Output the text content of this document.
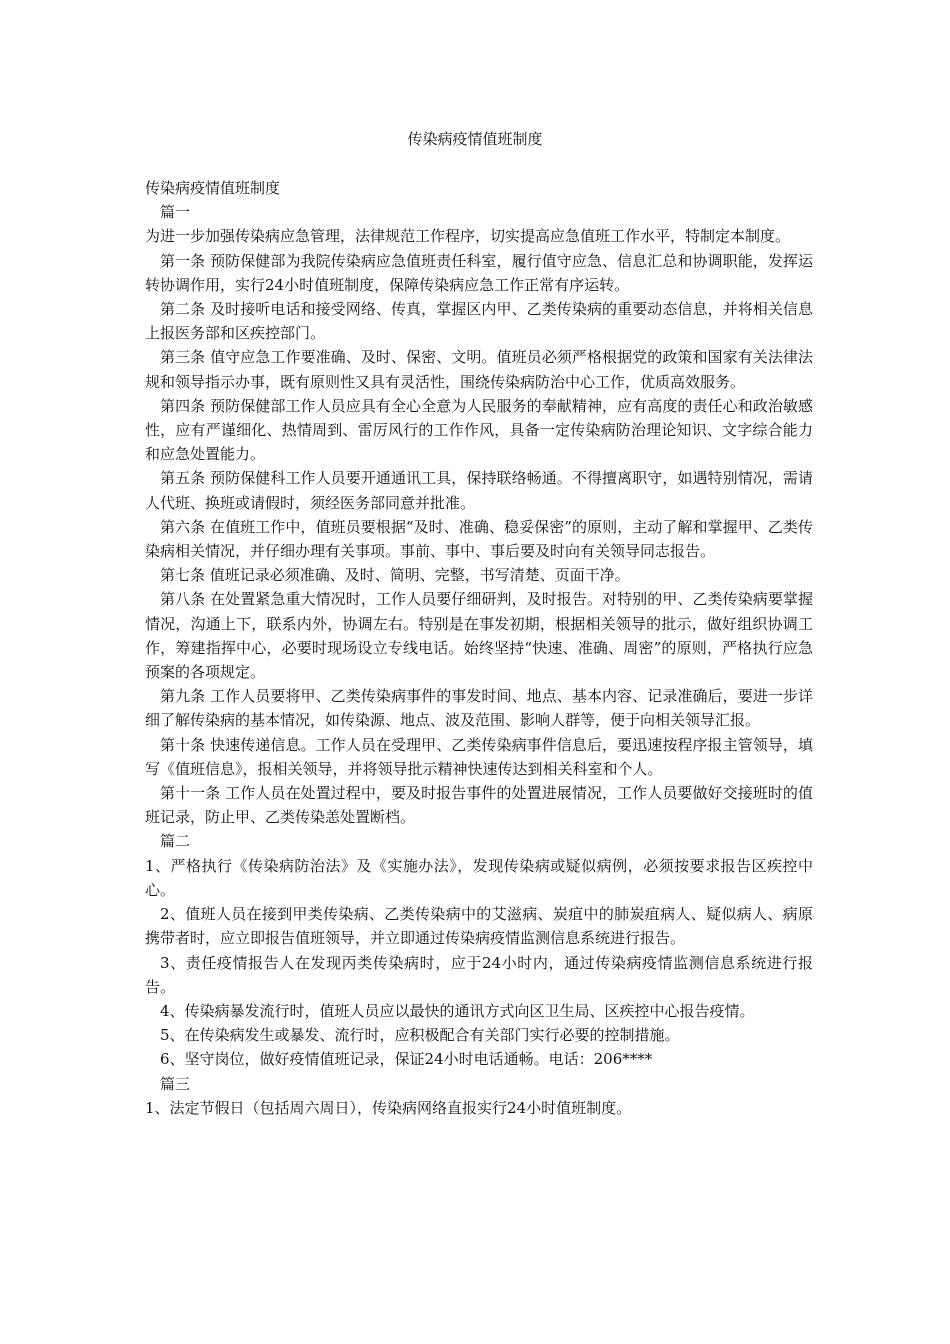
传染病疫情值班制度

传染病疫情值班制度

篇一

为进一步加强传染病应急管理，法律规范工作程序，切实提高应急值班工作水平，特制定本制度。

第一条 预防保健部为我院传染病应急值班责任科室，履行值守应急、信息汇总和协调职能，发挥运转协调作用，实行24小时值班制度，保障传染病应急工作正常有序运转。

第二条 及时接听电话和接受网络、传真，掌握区内甲、乙类传染病的重要动态信息，并将相关信息上报医务部和区疾控部门。

第三条 值守应急工作要准确、及时、保密、文明。值班员必须严格根据党的政策和国家有关法律法规和领导指示办事，既有原则性又具有灵活性，围绕传染病防治中心工作，优质高效服务。

第四条 预防保健部工作人员应具有全心全意为人民服务的奉献精神，应有高度的责任心和政治敏感性，应有严谨细化、热情周到、雷厉风行的工作作风，具备一定传染病防治理论知识、文字综合能力和应急处置能力。

第五条 预防保健科工作人员要开通通讯工具，保持联络畅通。不得擅离职守，如遇特别情况，需请人代班、换班或请假时，须经医务部同意并批准。

第六条 在值班工作中，值班员要根据“及时、准确、稳妥保密”的原则，主动了解和掌握甲、乙类传染病相关情况，并仔细办理有关事项。事前、事中、事后要及时向有关领导同志报告。

第七条 值班记录必须准确、及时、简明、完整，书写清楚、页面干净。

第八条 在处置紧急重大情况时，工作人员要仔细研判，及时报告。对特别的甲、乙类传染病要掌握情况，沟通上下，联系内外，协调左右。特别是在事发初期，根据相关领导的批示，做好组织协调工作，筹建指挥中心，必要时现场设立专线电话。始终坚持“快速、准确、周密”的原则，严格执行应急预案的各项规定。

第九条 工作人员要将甲、乙类传染病事件的事发时间、地点、基本内容、记录准确后，要进一步详细了解传染病的基本情况，如传染源、地点、波及范围、影响人群等，便于向相关领导汇报。

第十条 快速传递信息。工作人员在受理甲、乙类传染病事件信息后，要迅速按程序报主管领导，填写《值班信息》，报相关领导，并将领导批示精神快速传达到相关科室和个人。

第十一条 工作人员在处置过程中，要及时报告事件的处置进展情况，工作人员要做好交接班时的值班记录，防止甲、乙类传染恙处置断档。

篇二

1、严格执行《传染病防治法》及《实施办法》，发现传染病或疑似病例，必须按要求报告区疾控中心。

2、值班人员在接到甲类传染病、乙类传染病中的艾滋病、炭疽中的肺炭疽病人、疑似病人、病原携带者时，应立即报告值班领导，并立即通过传染病疫情监测信息系统进行报告。

3、责任疫情报告人在发现丙类传染病时，应于24小时内，通过传染病疫情监测信息系统进行报告。

4、传染病暴发流行时，值班人员应以最快的通讯方式向区卫生局、区疾控中心报告疫情。

5、在传染病发生或暴发、流行时，应积极配合有关部门实行必要的控制措施。

6、坚守岗位，做好疫情值班记录，保证24小时电话通畅。电话：206****

篇三

1、法定节假日（包括周六周日），传染病网络直报实行24小时值班制度。
